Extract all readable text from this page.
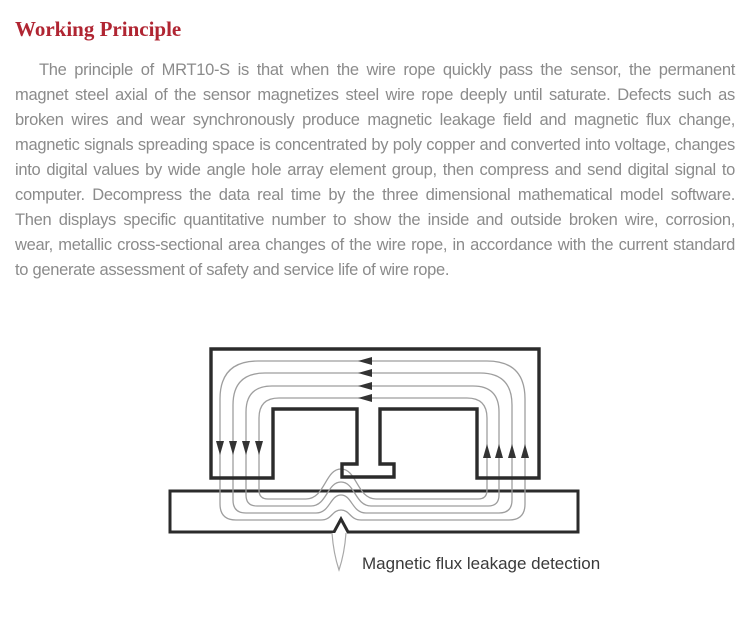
Working Principle

The principle of MRT10-S is that when the wire rope quickly pass the sensor, the permanent magnet steel axial of the sensor magnetizes steel wire rope deeply until saturate. Defects such as broken wires and wear synchronously produce magnetic leakage field and magnetic flux change, magnetic signals spreading space is concentrated by poly copper and converted into voltage, changes into digital values by wide angle hole array element group, then compress and send digital signal to computer. Decompress the data real time by the three dimensional mathematical model software. Then displays specific quantitative number to show the inside and outside broken wire, corrosion, wear, metallic cross-sectional area changes of the wire rope, in accordance with the current standard to generate assessment of safety and service life of wire rope.

Magnetic flux leakage detection
